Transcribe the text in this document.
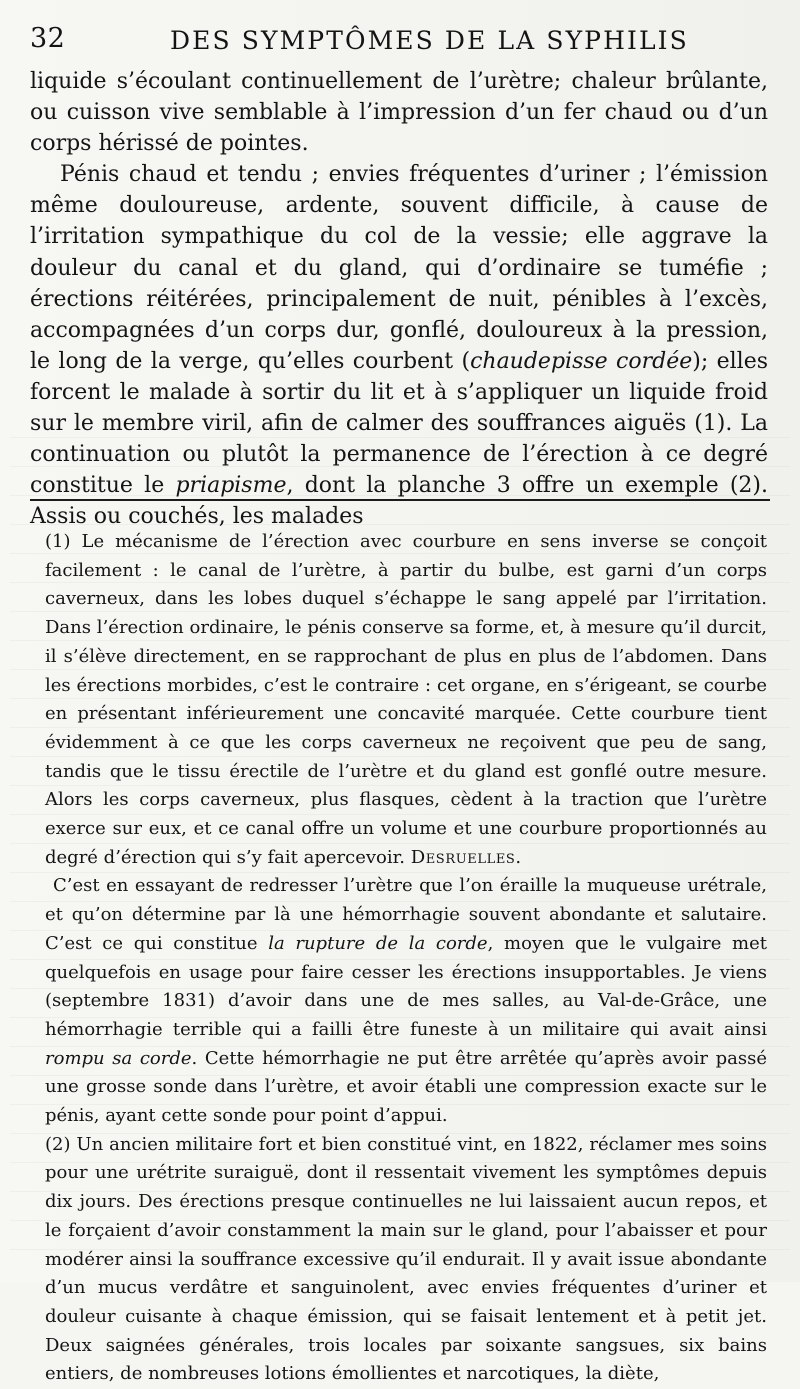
32	DES SYMPTÔMES DE LA SYPHILIS

liquide s’écoulant continuellement de l’urètre; chaleur brûlante, ou cuisson vive semblable à l’impression d’un fer chaud ou d’un corps hérissé de pointes.

Pénis chaud et tendu ; envies fréquentes d’uriner ; l’émission même douloureuse, ardente, souvent difficile, à cause de l’irritation sympathique du col de la vessie; elle aggrave la douleur du canal et du gland, qui d’ordinaire se tuméfie ; érections réitérées, principalement de nuit, pénibles à l’excès, accompagnées d’un corps dur, gonflé, douloureux à la pression, le long de la verge, qu’elles courbent (chaudepisse cordée); elles forcent le malade à sortir du lit et à s’appliquer un liquide froid sur le membre viril, afin de calmer des souffrances aiguës (1). La continuation ou plutôt la permanence de l’érection à ce degré constitue le priapisme, dont la planche 3 offre un exemple (2). Assis ou couchés, les malades

(1) Le mécanisme de l’érection avec courbure en sens inverse se conçoit facilement : le canal de l’urètre, à partir du bulbe, est garni d’un corps caverneux, dans les lobes duquel s’échappe le sang appelé par l’irritation. Dans l’érection ordinaire, le pénis conserve sa forme, et, à mesure qu’il durcit, il s’élève directement, en se rapprochant de plus en plus de l’abdomen. Dans les érections morbides, c’est le contraire : cet organe, en s’érigeant, se courbe en présentant inférieurement une concavité marquée. Cette courbure tient évidemment à ce que les corps caverneux ne reçoivent que peu de sang, tandis que le tissu érectile de l’urètre et du gland est gonflé outre mesure. Alors les corps caverneux, plus flasques, cèdent à la traction que l’urètre exerce sur eux, et ce canal offre un volume et une courbure proportionnés au degré d’érection qui s’y fait apercevoir. Desruelles.

C’est en essayant de redresser l’urètre que l’on éraille la muqueuse urétrale, et qu’on détermine par là une hémorrhagie souvent abondante et salutaire. C’est ce qui constitue la rupture de la corde, moyen que le vulgaire met quelquefois en usage pour faire cesser les érections insupportables. Je viens (septembre 1831) d’avoir dans une de mes salles, au Val-de-Grâce, une hémorrhagie terrible qui a failli être funeste à un militaire qui avait ainsi rompu sa corde. Cette hémorrhagie ne put être arrêtée qu’après avoir passé une grosse sonde dans l’urètre, et avoir établi une compression exacte sur le pénis, ayant cette sonde pour point d’appui.

(2) Un ancien militaire fort et bien constitué vint, en 1822, réclamer mes soins pour une urétrite suraiguë, dont il ressentait vivement les symptômes depuis dix jours. Des érections presque continuelles ne lui laissaient aucun repos, et le forçaient d’avoir constamment la main sur le gland, pour l’abaisser et pour modérer ainsi la souffrance excessive qu’il endurait. Il y avait issue abondante d’un mucus verdâtre et sanguinolent, avec envies fréquentes d’uriner et douleur cuisante à chaque émission, qui se faisait lentement et à petit jet. Deux saignées générales, trois locales par soixante sangsues, six bains entiers, de nombreuses lotions émollientes et narcotiques, la diète,
